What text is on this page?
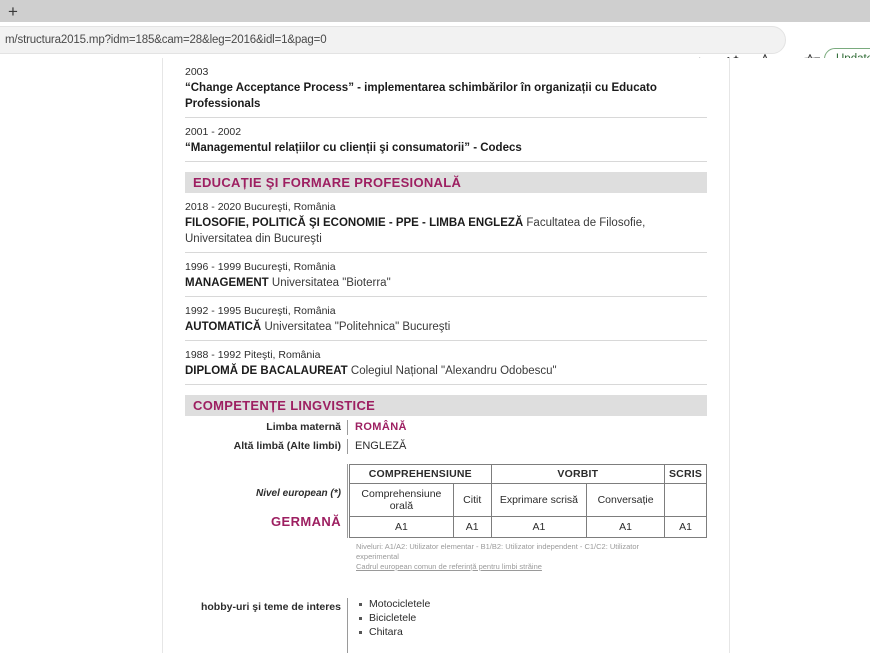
+
m/structura2015.mp?idm=185&cam=28&leg=2016&idl=1&pag=0
2003
“Change Acceptance Process” - implementarea schimbărilor în organizații cu Educato Professionals
2001 - 2002
“Managementul relațiilor cu clienții şi consumatorii” - Codecs
EDUCAȚIE ŞI FORMARE PROFESIONALĂ
2018 - 2020 Bucureşti, România
FILOSOFIE, POLITICĂ ŞI ECONOMIE - PPE - LIMBA ENGLEZĂ Facultatea de Filosofie, Universitatea din Bucureşti
1996 - 1999 Bucureşti, România
MANAGEMENT Universitatea "Bioterra"
1992 - 1995 Bucureşti, România
AUTOMATICĂ Universitatea "Politehnica" Bucureşti
1988 - 1992 Piteşti, România
DIPLOMĂ DE BACALAUREAT Colegiul Național "Alexandru Odobescu"
COMPETENȚE LINGVISTICE
Limba maternă	ROMÂNĂ
Altă limbă (Alte limbi)	ENGLEZĂ
Nivel european (*)
GERMANĂ
COMPREHENSIUNE		VORBIT		SCRIS
Comprehensiune orală	Citit	Exprimare scrisă	Conversație	
A1	A1	A1	A1	A1
Niveluri: A1/A2: Utilizator elementar - B1/B2: Utilizator independent - C1/C2: Utilizator experimental
Cadrul european comun de referință pentru limbi străine
hobby-uri şi teme de interes	Motocicletele
Bicicletele
Chitara
